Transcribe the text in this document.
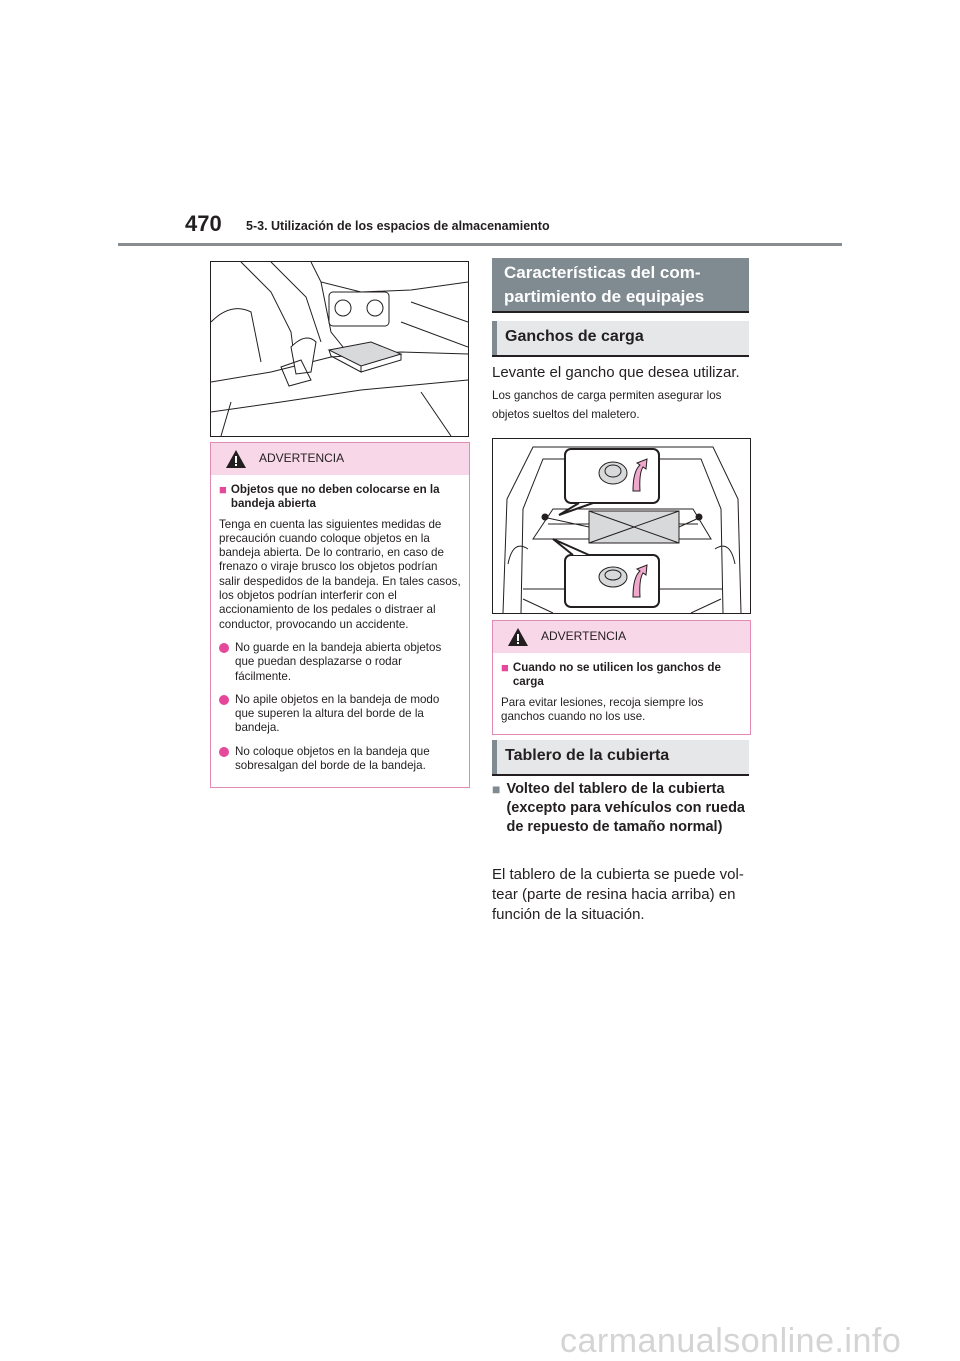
470 5-3. Utilización de los espacios de almacenamiento
ADVERTENCIA
■ Objetos que no deben colocarse en la bandeja abierta
Tenga en cuenta las siguientes medidas de precaución cuando coloque objetos en la bandeja abierta. De lo contrario, en caso de frenazo o viraje brusco los objetos podrían salir despedidos de la bandeja. En tales casos, los objetos podrían interferir con el accionamiento de los pedales o distraer al conductor, provocando un accidente.
No guarde en la bandeja abierta objetos que puedan desplazarse o rodar fácilmente.
No apile objetos en la bandeja de modo que superen la altura del borde de la bandeja.
No coloque objetos en la bandeja que sobresalgan del borde de la bandeja.
Características del com-
partimiento de equipajes
Ganchos de carga
Levante el gancho que desea utilizar.
Los ganchos de carga permiten asegurar los
objetos sueltos del maletero.
ADVERTENCIA
■ Cuando no se utilicen los ganchos de carga
Para evitar lesiones, recoja siempre los ganchos cuando no los use.
Tablero de la cubierta
■ Volteo del tablero de la cubierta (excepto para vehículos con rueda de repuesto de tamaño normal)
El tablero de la cubierta se puede vol-
tear (parte de resina hacia arriba) en
función de la situación.
carmanualsonline.info
